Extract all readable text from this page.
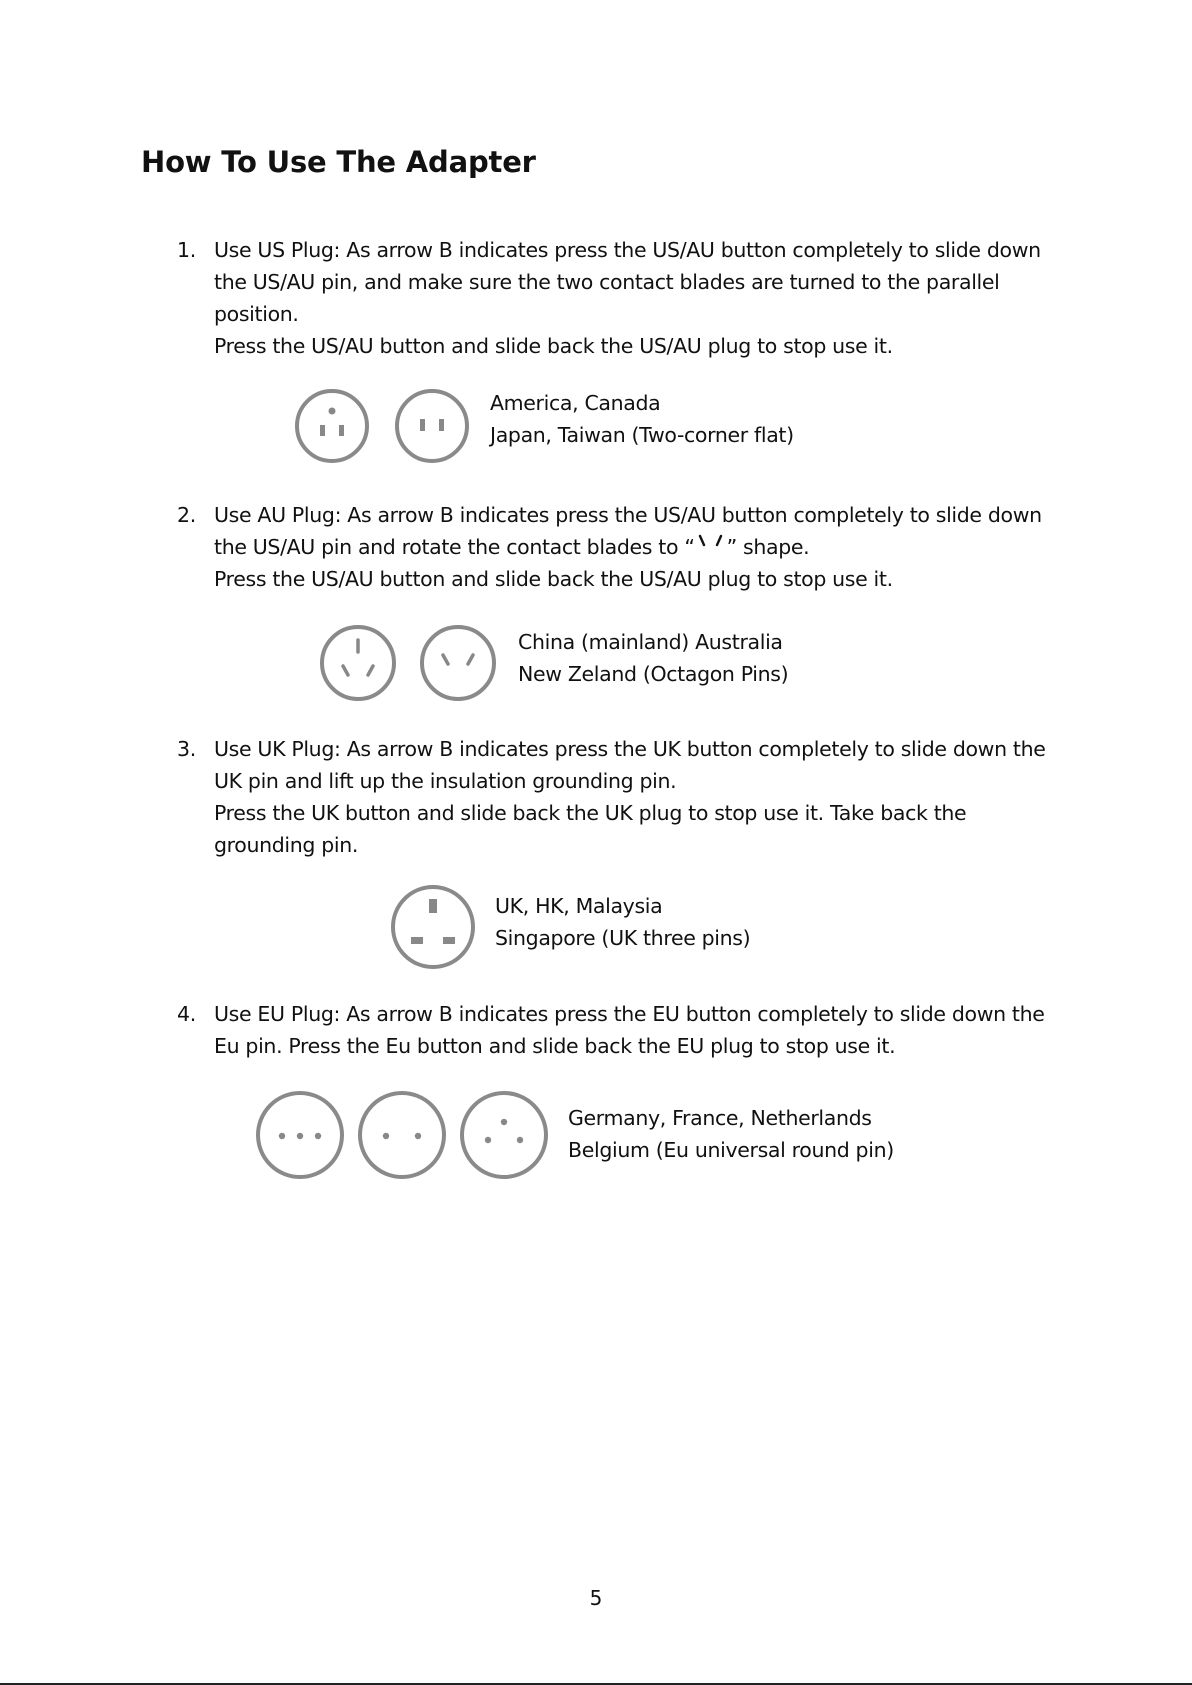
How To Use The Adapter
1. Use US Plug: As arrow B indicates press the US/AU button completely to slide down the US/AU pin, and make sure the two contact blades are turned to the parallel position.

Press the US/AU button and slide back the US/AU plug to stop use it.

America, Canada
Japan, Taiwan (Two-corner flat)
2. Use AU Plug: As arrow B indicates press the US/AU button completely to slide down the US/AU pin and rotate the contact blades to “ ” shape.

Press the US/AU button and slide back the US/AU plug to stop use it.

China (mainland) Australia
New Zeland (Octagon Pins)
3. Use UK Plug: As arrow B indicates press the UK button completely to slide down the UK pin and lift up the insulation grounding pin.

Press the UK button and slide back the UK plug to stop use it. Take back the grounding pin.

UK, HK, Malaysia
Singapore (UK three pins)
4. Use EU Plug: As arrow B indicates press the EU button completely to slide down the Eu pin. Press the Eu button and slide back the EU plug to stop use it.

Germany, France, Netherlands
Belgium (Eu universal round pin)
5
